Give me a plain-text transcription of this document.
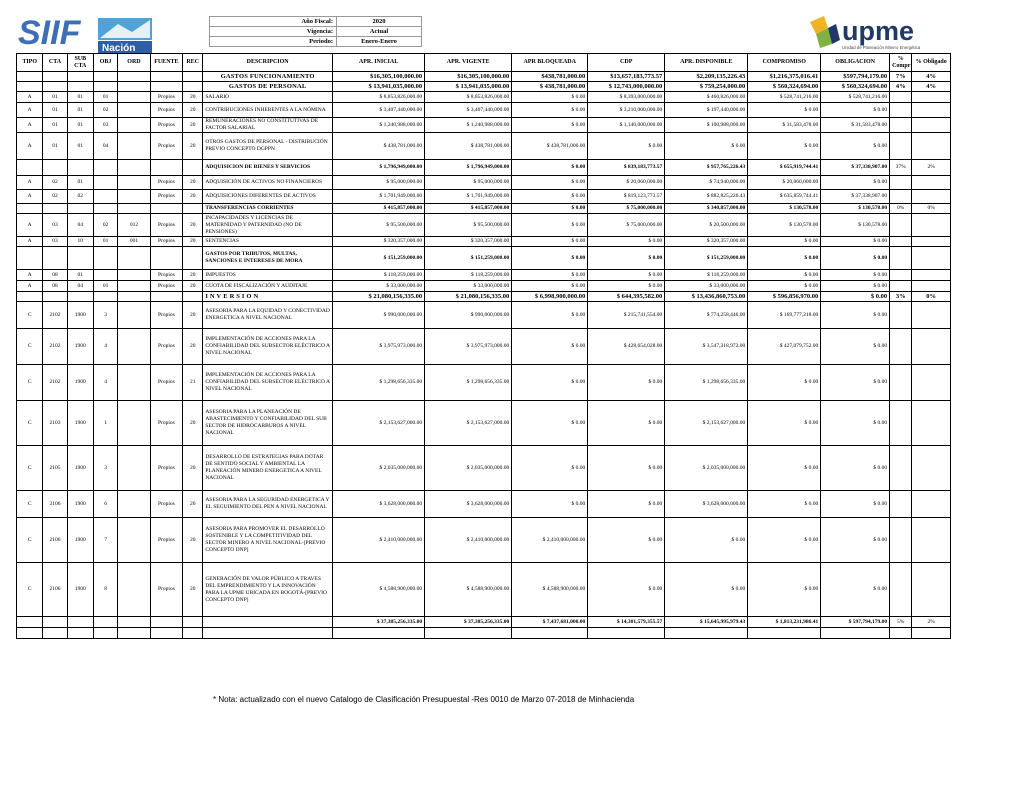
SIIF Nación
upme
Unidad de Planeación Minero Energética
Año Fiscal:	2020
Vigencia:	Actual
Periodo:	Enero-Enero
TIPO	CTA	SUB CTA	OBJ	ORD	FUENTE	REC	DESCRIPCION	APR. INICIAL	APR. VIGENTE	APR BLOQUEADA	CDP	APR. DISPONIBLE	COMPROMISO	OBLIGACION	% Compr	% Obligado
							GASTOS FUNCIONAMIENTO	$16,305,100,000.00	$16,305,100,000.00	$438,781,000.00	$13,657,183,773.57	$2,209,135,226.43	$1,216,375,016.41	$597,794,179.00	7%	4%
							GASTOS DE PERSONAL	$ 13,941,035,000.00	$ 13,941,035,000.00	$ 438,781,000.00	$ 12,743,000,000.00	$ 759,254,000.00	$ 560,324,694.00	$ 560,324,694.00	4%	4%
A	01	01	01		Propios	20	SALARIO	$ 8,853,826,000.00	$ 8,853,826,000.00	$ 0.00	$ 8,393,000,000.00	$ 460,826,000.00	$ 528,741,216.00	$ 528,741,216.00		
A	01	01	02		Propios	20	CONTRIBUCIONES INHERENTES A LA NÓMINA	$ 3,407,440,000.00	$ 3,407,440,000.00	$ 0.00	$ 3,210,000,000.00	$ 197,440,000.00	$ 0.00	$ 0.00		
A	01	01	03		Propios	20	REMUNERACIONES NO CONSTITUTIVAS DE FACTOR SALARIAL	$ 1,240,988,000.00	$ 1,240,988,000.00	$ 0.00	$ 1,140,000,000.00	$ 100,988,000.00	$ 31,583,478.00	$ 31,583,478.00		
A	01	01	04		Propios	20	OTROS GASTOS DE PERSONAL - DISTRIBUCIÓN PREVIO CONCEPTO DGPPN	$ 438,781,000.00	$ 438,781,000.00	$ 438,781,000.00	$ 0.00	$ 0.00	$ 0.00	$ 0.00		
							ADQUISICION DE BIENES Y SERVICIOS	$ 1,796,949,000.00	$ 1,796,949,000.00	$ 0.00	$ 839,183,773.57	$ 957,765,226.43	$ 655,919,744.41	$ 37,338,907.00	37%	2%
A	02	01			Propios	20	ADQUISICIÓN DE ACTIVOS NO FINANCIEROS	$ 95,000,000.00	$ 95,000,000.00	$ 0.00	$ 20,060,000.00	$ 74,940,000.00	$ 20,060,000.00	$ 0.00		
A	02	02			Propios	20	ADQUISICIONES DIFERENTES DE ACTIVOS	$ 1,701,949,000.00	$ 1,701,949,000.00	$ 0.00	$ 819,123,773.57	$ 882,825,226.43	$ 635,859,744.41	$ 37,338,907.00		
							TRANSFERENCIAS CORRIENTES	$ 415,857,000.00	$ 415,857,000.00	$ 0.00	$ 75,000,000.00	$ 340,857,000.00	$ 130,578.00	$ 130,578.00	0%	0%
A	03	04	02	012	Propios	20	INCAPACIDADES Y LICENCIAS DE MATERNIDAD Y PATERNIDAD (NO DE PENSIONES)	$ 95,500,000.00	$ 95,500,000.00	$ 0.00	$ 75,000,000.00	$ 20,500,000.00	$ 130,578.00	$ 130,578.00		
A	03	10	01	001	Propios	20	SENTENCIAS	$ 320,357,000.00	$ 320,357,000.00	$ 0.00	$ 0.00	$ 320,357,000.00	$ 0.00	$ 0.00		
							GASTOS POR TRIBUTOS, MULTAS, SANCIONES E INTERESES DE MORA	$ 151,259,000.00	$ 151,259,000.00	$ 0.00	$ 0.00	$ 151,259,000.00	$ 0.00	$ 0.00		
A	08	01			Propios	20	IMPUESTOS	$ 118,259,000.00	$ 118,259,000.00	$ 0.00	$ 0.00	$ 118,259,000.00	$ 0.00	$ 0.00		
A	08	04	01		Propios	20	CUOTA DE FISCALIZACIÓN Y AUDITAJE	$ 33,000,000.00	$ 33,000,000.00	$ 0.00	$ 0.00	$ 33,000,000.00	$ 0.00	$ 0.00		
							INVERSION	$ 21,080,156,335.00	$ 21,080,156,335.00	$ 6,998,900,000.00	$ 644,395,582.00	$ 13,436,860,753.00	$ 596,856,970.00	$ 0.00	3%	0%
C	2102	1900	3		Propios	20	ASESORIA PARA LA EQUIDAD Y CONECTIVIDAD ENERGETICA A NIVEL NACIONAL	$ 990,000,000.00	$ 990,000,000.00	$ 0.00	$ 215,741,554.00	$ 774,258,446.00	$ 169,777,218.00	$ 0.00		
C	2102	1900	4		Propios	20	IMPLEMENTACIÓN DE ACCIONES PARA LA CONFIABILIDAD DEL SUBSECTOR ELÉCTRICO A NIVEL NACIONAL	$ 3,975,973,000.00	$ 3,975,973,000.00	$ 0.00	$ 428,654,028.00	$ 3,547,318,972.00	$ 427,079,752.00	$ 0.00		
C	2102	1900	4		Propios	21	IMPLEMENTACIÓN DE ACCIONES PARA LA CONFIABILIDAD DEL SUBSECTOR ELÉCTRICO A NIVEL NACIONAL	$ 1,298,656,335.00	$ 1,298,656,335.00	$ 0.00	$ 0.00	$ 1,298,656,335.00	$ 0.00	$ 0.00		
C	2103	1900	1		Propios	20	ASESORIA PARA LA PLANEACIÓN DE ABASTECIMIENTO Y CONFIABILIDAD DEL SUB SECTOR DE HIDROCARBUROS A NIVEL NACIONAL	$ 2,153,627,000.00	$ 2,153,627,000.00	$ 0.00	$ 0.00	$ 2,153,627,000.00	$ 0.00	$ 0.00		
C	2105	1900	3		Propios	20	DESARROLLO DE ESTRATEGIAS PARA DOTAR DE SENTIDO SOCIAL Y AMBIENTAL LA PLANEACIÓN MINERO ENERGETICA A NIVEL NACIONAL	$ 2,035,000,000.00	$ 2,035,000,000.00	$ 0.00	$ 0.00	$ 2,035,000,000.00	$ 0.00	$ 0.00		
C	2106	1900	6		Propios	20	ASESORIA PARA LA SEGURIDAD ENERGETICA Y EL SEGUIMIENTO DEL PEN A NIVEL NACIONAL	$ 3,628,000,000.00	$ 3,628,000,000.00	$ 0.00	$ 0.00	$ 3,628,000,000.00	$ 0.00	$ 0.00		
C	2106	1900	7		Propios	20	ASESORIA PARA PROMOVER EL DESARROLLO SOSTENIBLE Y LA COMPETITIVIDAD DEL SECTOR MINERO A NIVEL NACIONAL-[PREVIO CONCEPTO DNP]	$ 2,410,000,000.00	$ 2,410,000,000.00	$ 2,410,000,000.00	$ 0.00	$ 0.00	$ 0.00	$ 0.00		
C	2106	1900	8		Propios	20	GENERACIÓN DE VALOR PÚBLICO A TRAVES DEL EMPRENDIMIENTO Y LA INNOVACIÓN PARA LA UPME UBICADA EN BOGOTÁ-[PREVIO CONCEPTO DNP]	$ 4,588,900,000.00	$ 4,588,900,000.00	$ 4,588,900,000.00	$ 0.00	$ 0.00	$ 0.00	$ 0.00		
								$ 37,385,256,335.00	$ 37,385,256,335.00	$ 7,437,681,000.00	$ 14,301,579,355.57	$ 15,645,995,979.43	$ 1,813,231,986.41	$ 597,794,179.00	5%	2%

* Nota: actualizado con el nuevo Catalogo de Clasificación Presupuestal -Res 0010 de Marzo 07-2018 de Minhacienda
